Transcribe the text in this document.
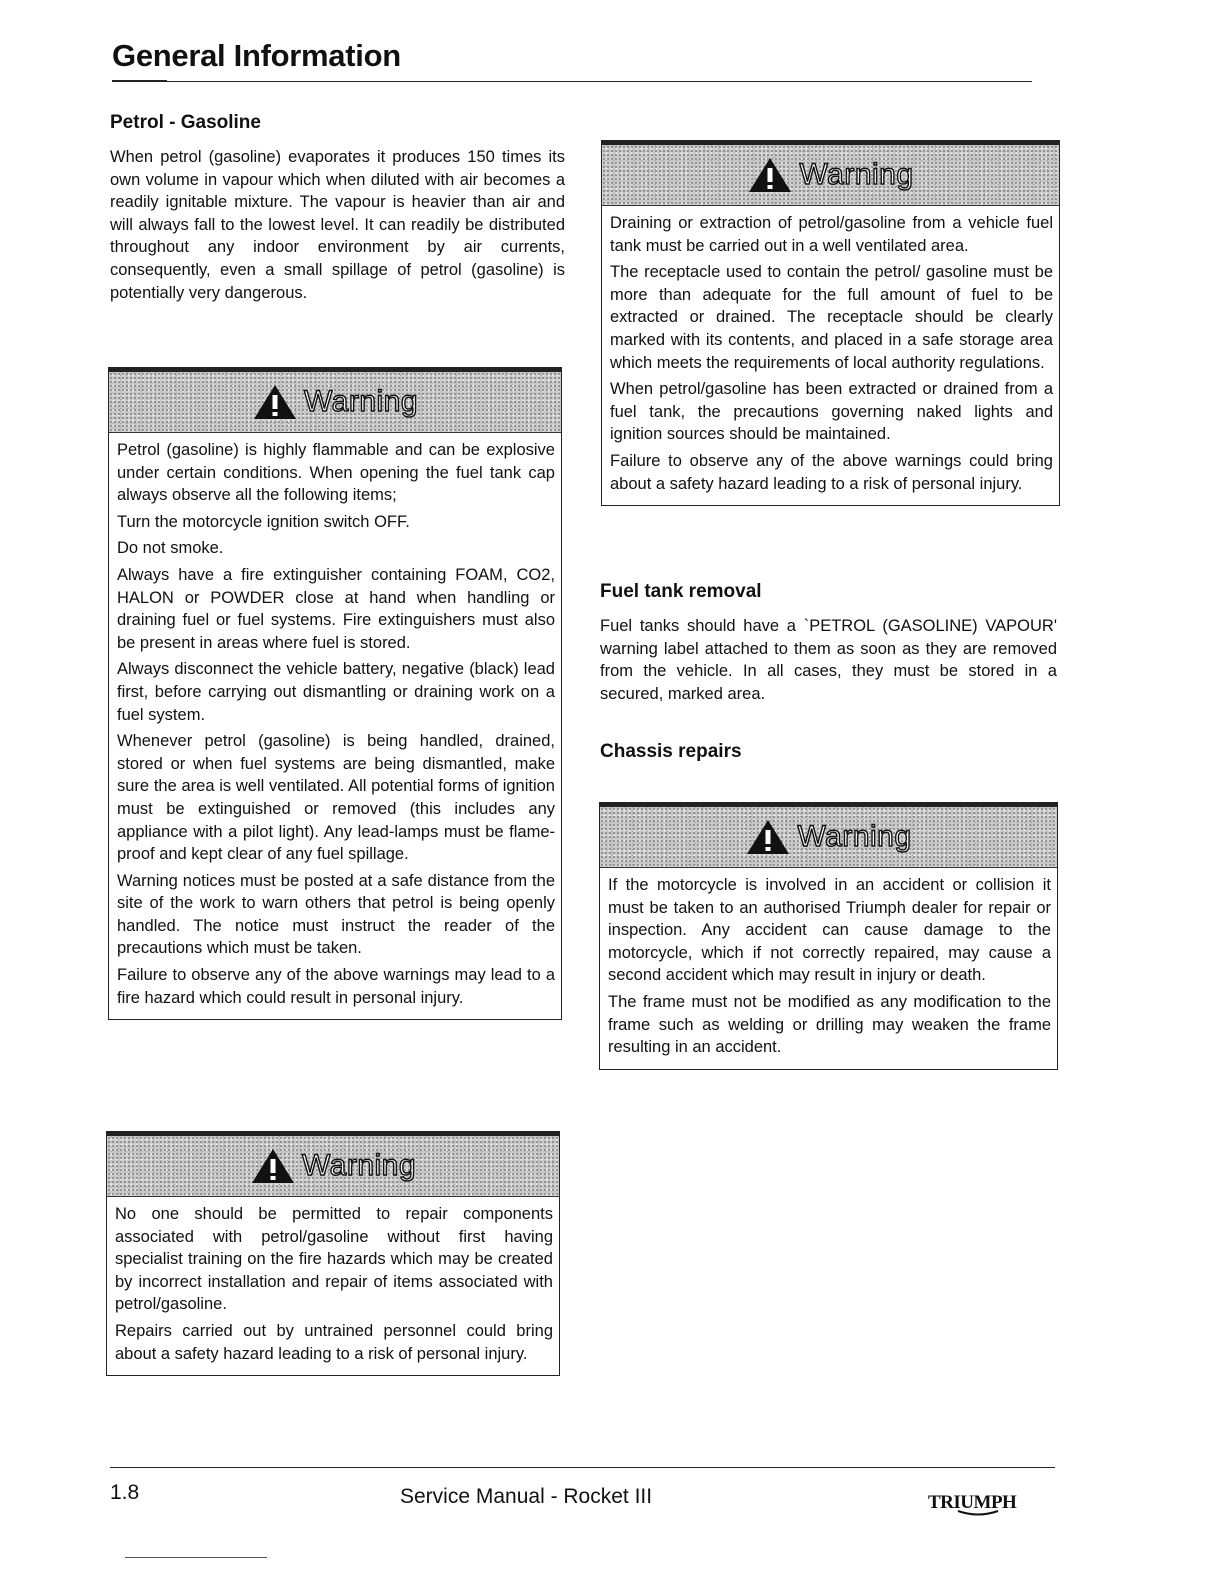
General Information
Petrol - Gasoline

When petrol (gasoline) evaporates it produces 150 times its own volume in vapour which when diluted with air becomes a readily ignitable mixture. The vapour is heavier than air and will always fall to the lowest level. It can readily be distributed throughout any indoor environment by air currents, consequently, even a small spillage of petrol (gasoline) is potentially very dangerous.

Warning

Petrol (gasoline) is highly flammable and can be explosive under certain conditions. When opening the fuel tank cap always observe all the following items;

Turn the motorcycle ignition switch OFF.

Do not smoke.

Always have a fire extinguisher containing FOAM, CO2, HALON or POWDER close at hand when handling or draining fuel or fuel systems. Fire extinguishers must also be present in areas where fuel is stored.

Always disconnect the vehicle battery, negative (black) lead first, before carrying out dismantling or draining work on a fuel system.

Whenever petrol (gasoline) is being handled, drained, stored or when fuel systems are being dismantled, make sure the area is well ventilated. All potential forms of ignition must be extinguished or removed (this includes any appliance with a pilot light). Any lead-lamps must be flame-proof and kept clear of any fuel spillage.

Warning notices must be posted at a safe distance from the site of the work to warn others that petrol is being openly handled. The notice must instruct the reader of the precautions which must be taken.

Failure to observe any of the above warnings may lead to a fire hazard which could result in personal injury.

Warning

No one should be permitted to repair components associated with petrol/gasoline without first having specialist training on the fire hazards which may be created by incorrect installation and repair of items associated with petrol/gasoline.

Repairs carried out by untrained personnel could bring about a safety hazard leading to a risk of personal injury.

Warning

Draining or extraction of petrol/gasoline from a vehicle fuel tank must be carried out in a well ventilated area.

The receptacle used to contain the petrol/ gasoline must be more than adequate for the full amount of fuel to be extracted or drained. The receptacle should be clearly marked with its contents, and placed in a safe storage area which meets the requirements of local authority regulations.

When petrol/gasoline has been extracted or drained from a fuel tank, the precautions governing naked lights and ignition sources should be maintained.

Failure to observe any of the above warnings could bring about a safety hazard leading to a risk of personal injury.

Fuel tank removal

Fuel tanks should have a `PETROL (GASOLINE) VAPOUR' warning label attached to them as soon as they are removed from the vehicle. In all cases, they must be stored in a secured, marked area.

Chassis repairs
Warning

If the motorcycle is involved in an accident or collision it must be taken to an authorised Triumph dealer for repair or inspection. Any accident can cause damage to the motorcycle, which if not correctly repaired, may cause a second accident which may result in injury or death.

The frame must not be modified as any modification to the frame such as welding or drilling may weaken the frame resulting in an accident.

1.8	Service Manual - Rocket III	TRIUMPH
